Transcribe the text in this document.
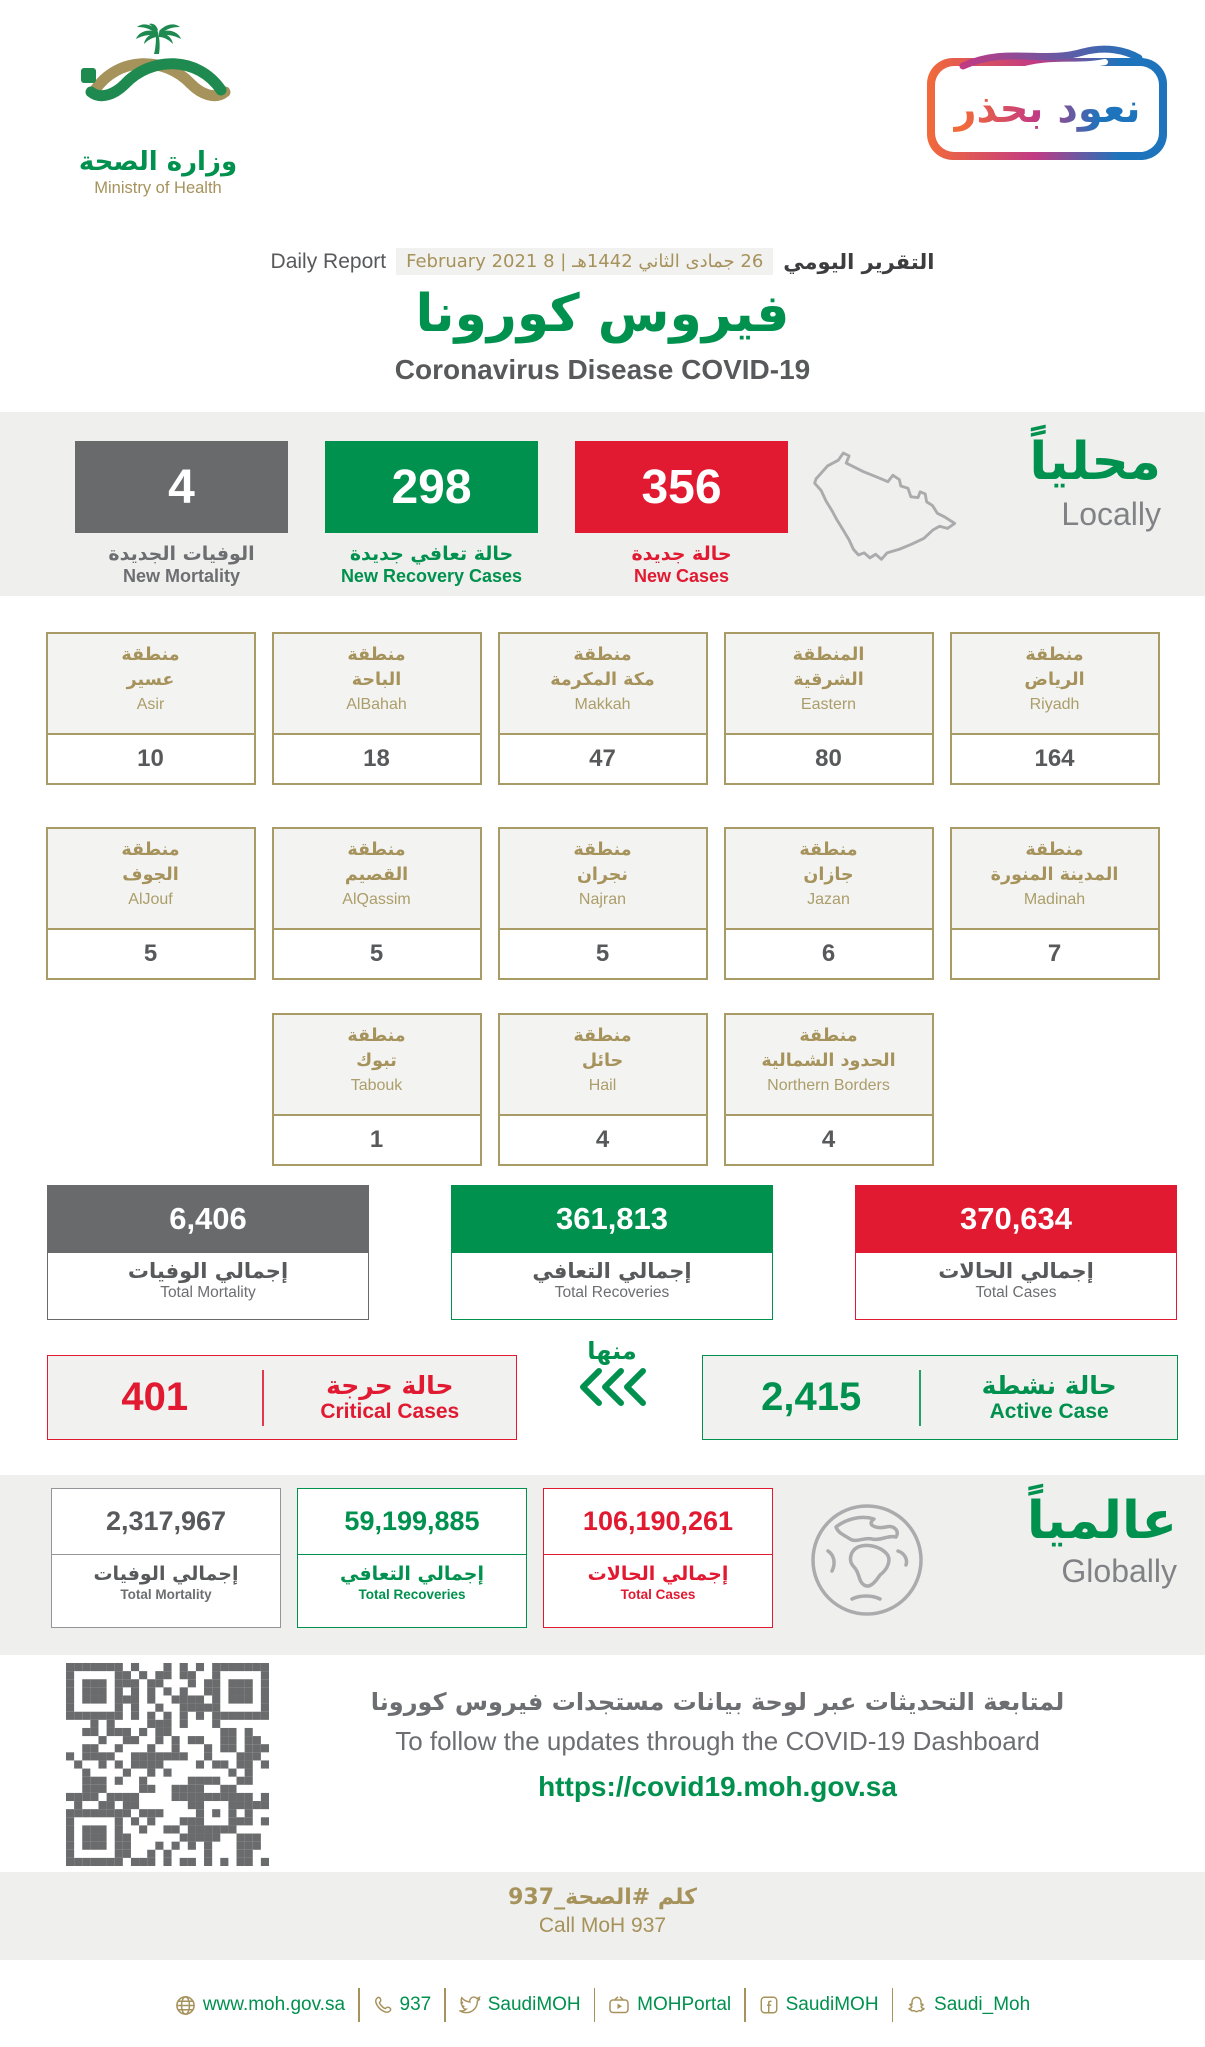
وزارة الصحة
Ministry of Health
نعود بحذر
Daily Report	26 جمادى الثاني 1442هـ | 8 February 2021 التقرير اليومي
فيروس كورونا
Coronavirus Disease COVID-19
4
الوفيات الجديدة
New Mortality
298
حالة تعافي جديدة
New Recovery Cases
356
حالة جديدة
New Cases
محلياً
Locally
منطقة
عسير
Asir
10
منطقة
الباحة
AlBahah
18
منطقة
مكة المكرمة
Makkah
47
المنطقة
الشرقية
Eastern
80
منطقة
الرياض
Riyadh
164
منطقة
الجوف
AlJouf
5
منطقة
القصيم
AlQassim
5
منطقة
نجران
Najran
5
منطقة
جازان
Jazan
6
منطقة
المدينة المنورة
Madinah
7
منطقة
تبوك
Tabouk
1
منطقة
حائل
Hail
4
منطقة
الحدود الشمالية
Northern Borders
4
6,406
إجمالي الوفيات
Total Mortality
361,813
إجمالي التعافي
Total Recoveries
370,634
إجمالي الحالات
Total Cases
401	حالة حرجة
Critical Cases
منها
2,415	حالة نشطة
Active Case
2,317,967
إجمالي الوفيات
Total Mortality
59,199,885
إجمالي التعافي
Total Recoveries
106,190,261
إجمالي الحالات
Total Cases
عالمياً
Globally
لمتابعة التحديثات عبر لوحة بيانات مستجدات فيروس كورونا
To follow the updates through the COVID-19 Dashboard
https://covid19.moh.gov.sa
كلم #الصحة_937
Call MoH 937
www.moh.gov.sa	937	SaudiMOH	MOHPortal	SaudiMOH	Saudi_Moh
